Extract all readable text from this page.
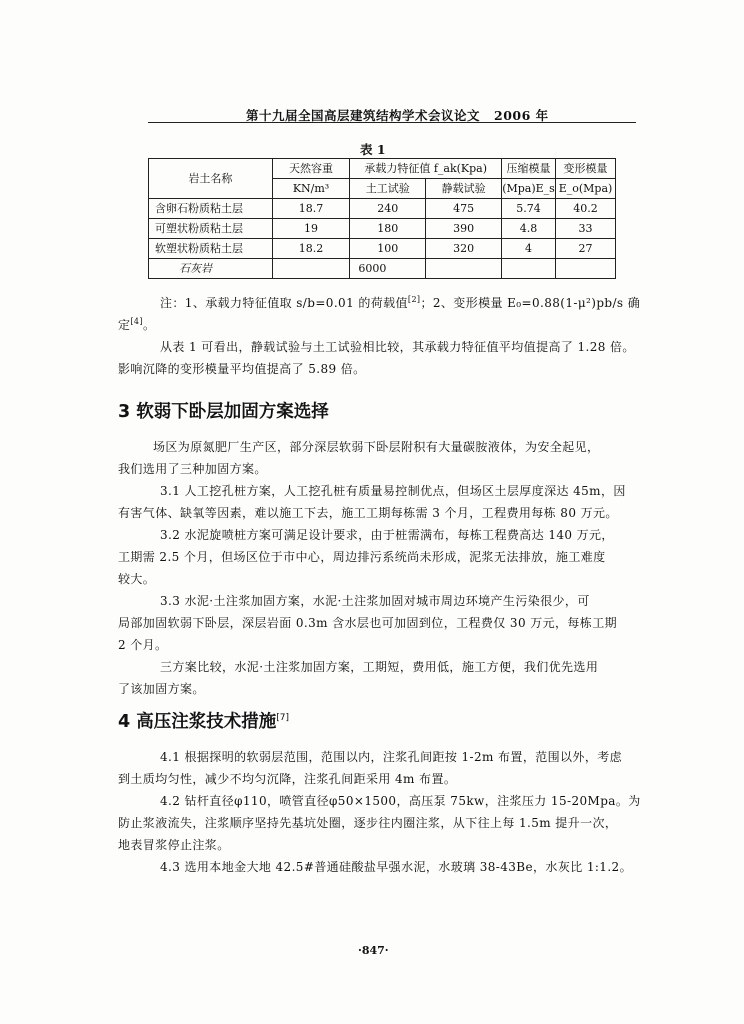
第十九届全国高层建筑结构学术会议论文 2006 年
表 1
岩土名称	天然容重	承载力特征值 f_ak(Kpa)		压缩模量	变形模量
	KN/m³	土工试验	静载试验	(Mpa)E_s	E_o(Mpa)
含卵石粉质粘土层	18.7	240	475	5.74	40.2
可塑状粉质粘土层	19	180	390	4.8	33
软塑状粉质粘土层	18.2	100	320	4	27
石灰岩		6000			
注：1、承载力特征值取 s/b=0.01 的荷载值[2]；2、变形模量 E₀=0.88(1-μ²)pb/s 确
定[4]。
从表 1 可看出，静载试验与土工试验相比较，其承载力特征值平均值提高了 1.28 倍。
影响沉降的变形模量平均值提高了 5.89 倍。
3 软弱下卧层加固方案选择
场区为原氮肥厂生产区，部分深层软弱下卧层附积有大量碳胺液体，为安全起见，
我们选用了三种加固方案。
3.1 人工挖孔桩方案，人工挖孔桩有质量易控制优点，但场区土层厚度深达 45m，因
有害气体、缺氧等因素，难以施工下去，施工工期每栋需 3 个月，工程费用每栋 80 万元。
3.2 水泥旋喷桩方案可满足设计要求，由于桩需满布，每栋工程费高达 140 万元，
工期需 2.5 个月，但场区位于市中心，周边排污系统尚未形成，泥浆无法排放，施工难度
较大。
3.3 水泥·土注浆加固方案，水泥·土注浆加固对城市周边环境产生污染很少，可
局部加固软弱下卧层，深层岩面 0.3m 含水层也可加固到位，工程费仅 30 万元，每栋工期
2 个月。
三方案比较，水泥·土注浆加固方案，工期短，费用低，施工方便，我们优先选用
了该加固方案。
4 高压注浆技术措施[7]
4.1 根据探明的软弱层范围，范围以内，注浆孔间距按 1-2m 布置，范围以外，考虑
到土质均匀性，减少不均匀沉降，注浆孔间距采用 4m 布置。
4.2 钻杆直径φ110，喷管直径φ50×1500，高压泵 75kw，注浆压力 15-20Mpa。为
防止浆液流失，注浆顺序坚持先基坑处圈，逐步往内圈注浆，从下往上每 1.5m 提升一次，
地表冒浆停止注浆。
4.3 选用本地金大地 42.5#普通硅酸盐早强水泥，水玻璃 38-43Be，水灰比 1:1.2。
·847·
